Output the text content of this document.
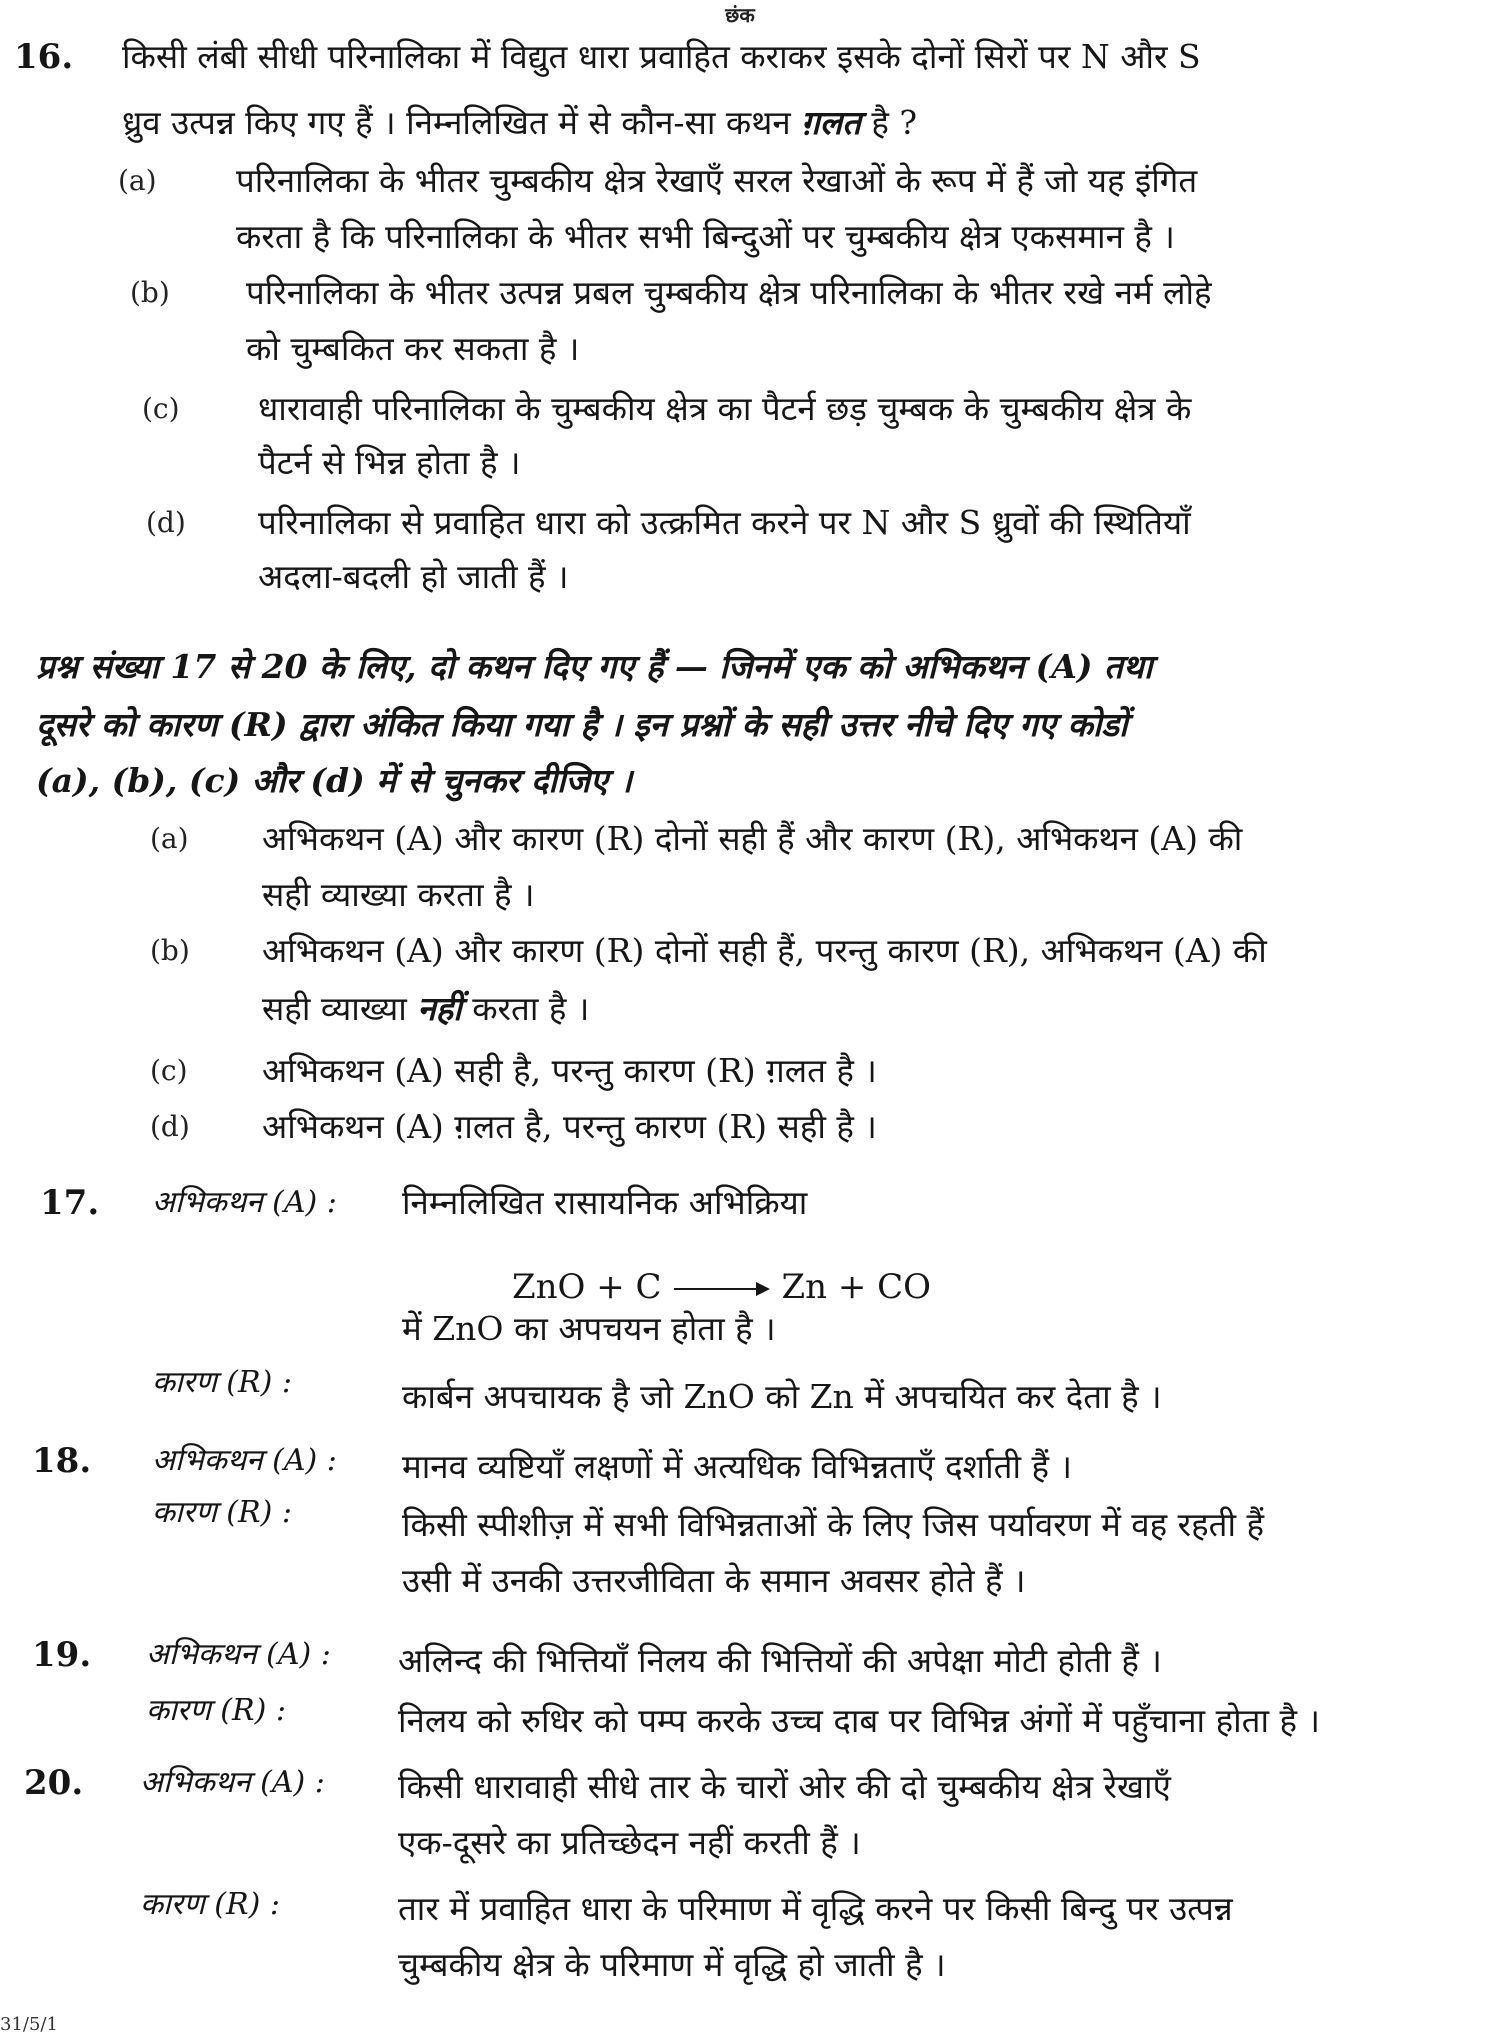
छंक
16. किसी लंबी सीधी परिनालिका में विद्युत धारा प्रवाहित कराकर इसके दोनों सिरों पर N और S
ध्रुव उत्पन्न किए गए हैं । निम्नलिखित में से कौन-सा कथन ग़लत है ?
(a) परिनालिका के भीतर चुम्बकीय क्षेत्र रेखाएँ सरल रेखाओं के रूप में हैं जो यह इंगित
करता है कि परिनालिका के भीतर सभी बिन्दुओं पर चुम्बकीय क्षेत्र एकसमान है ।
(b) परिनालिका के भीतर उत्पन्न प्रबल चुम्बकीय क्षेत्र परिनालिका के भीतर रखे नर्म लोहे
को चुम्बकित कर सकता है ।
(c) धारावाही परिनालिका के चुम्बकीय क्षेत्र का पैटर्न छड़ चुम्बक के चुम्बकीय क्षेत्र के
पैटर्न से भिन्न होता है ।
(d) परिनालिका से प्रवाहित धारा को उत्क्रमित करने पर N और S ध्रुवों की स्थितियाँ
अदला-बदली हो जाती हैं ।
प्रश्न संख्या 17 से 20 के लिए, दो कथन दिए गए हैं — जिनमें एक को अभिकथन (A) तथा
दूसरे को कारण (R) द्वारा अंकित किया गया है । इन प्रश्नों के सही उत्तर नीचे दिए गए कोडों
(a), (b), (c) और (d) में से चुनकर दीजिए ।
(a) अभिकथन (A) और कारण (R) दोनों सही हैं और कारण (R), अभिकथन (A) की
सही व्याख्या करता है ।
(b) अभिकथन (A) और कारण (R) दोनों सही हैं, परन्तु कारण (R), अभिकथन (A) की
सही व्याख्या नहीं करता है ।
(c) अभिकथन (A) सही है, परन्तु कारण (R) ग़लत है ।
(d) अभिकथन (A) ग़लत है, परन्तु कारण (R) सही है ।
17. अभिकथन (A) : निम्नलिखित रासायनिक अभिक्रिया
ZnO + C	Zn + CO
में ZnO का अपचयन होता है ।
कारण (R) :	कार्बन अपचायक है जो ZnO को Zn में अपचयित कर देता है ।
18. अभिकथन (A) : मानव व्यष्टियाँ लक्षणों में अत्यधिक विभिन्नताएँ दर्शाती हैं ।
कारण (R) :	किसी स्पीशीज़ में सभी विभिन्नताओं के लिए जिस पर्यावरण में वह रहती हैं
उसी में उनकी उत्तरजीविता के समान अवसर होते हैं ।
19. अभिकथन (A) : अलिन्द की भित्तियाँ निलय की भित्तियों की अपेक्षा मोटी होती हैं ।
कारण (R) :	निलय को रुधिर को पम्प करके उच्च दाब पर विभिन्न अंगों में पहुँचाना होता है ।
20. अभिकथन (A) : किसी धारावाही सीधे तार के चारों ओर की दो चुम्बकीय क्षेत्र रेखाएँ
एक-दूसरे का प्रतिच्छेदन नहीं करती हैं ।
कारण (R) :	तार में प्रवाहित धारा के परिमाण में वृद्धि करने पर किसी बिन्दु पर उत्पन्न
चुम्बकीय क्षेत्र के परिमाण में वृद्धि हो जाती है ।
31/5/1
